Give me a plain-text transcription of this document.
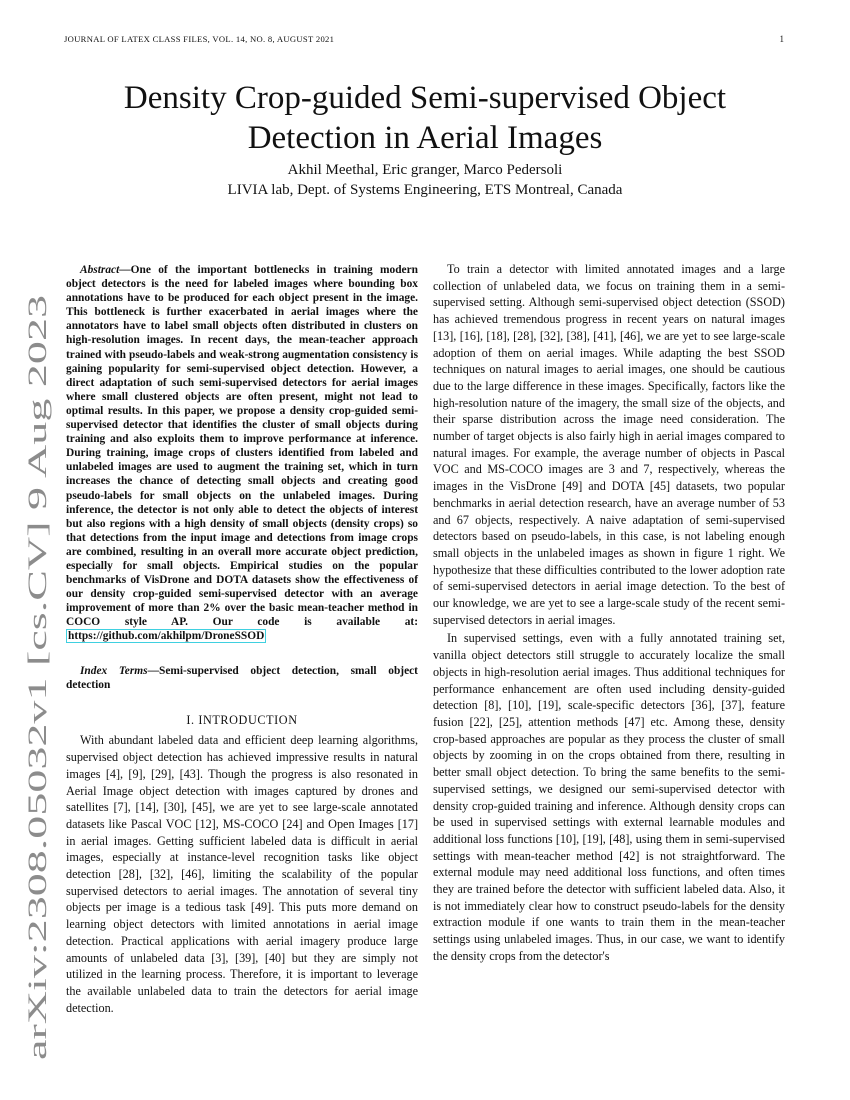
JOURNAL OF LATEX CLASS FILES, VOL. 14, NO. 8, AUGUST 2021	1
arXiv:2308.05032v1 [cs.CV] 9 Aug 2023
Density Crop-guided Semi-supervised Object Detection in Aerial Images
Akhil Meethal, Eric granger, Marco Pedersoli
LIVIA lab, Dept. of Systems Engineering, ETS Montreal, Canada
Abstract—One of the important bottlenecks in training modern object detectors is the need for labeled images where bounding box annotations have to be produced for each object present in the image. This bottleneck is further exacerbated in aerial images where the annotators have to label small objects often distributed in clusters on high-resolution images. In recent days, the mean-teacher approach trained with pseudo-labels and weak-strong augmentation consistency is gaining popularity for semi-supervised object detection. However, a direct adaptation of such semi-supervised detectors for aerial images where small clustered objects are often present, might not lead to optimal results. In this paper, we propose a density crop-guided semi-supervised detector that identifies the cluster of small objects during training and also exploits them to improve performance at inference. During training, image crops of clusters identified from labeled and unlabeled images are used to augment the training set, which in turn increases the chance of detecting small objects and creating good pseudo-labels for small objects on the unlabeled images. During inference, the detector is not only able to detect the objects of interest but also regions with a high density of small objects (density crops) so that detections from the input image and detections from image crops are combined, resulting in an overall more accurate object prediction, especially for small objects. Empirical studies on the popular benchmarks of VisDrone and DOTA datasets show the effectiveness of our density crop-guided semi-supervised detector with an average improvement of more than 2% over the basic mean-teacher method in COCO style AP. Our code is available at: https://github.com/akhilpm/DroneSSOD
Index Terms—Semi-supervised object detection, small object detection
I. INTRODUCTION

With abundant labeled data and efficient deep learning algorithms, supervised object detection has achieved impressive results in natural images [4], [9], [29], [43]. Though the progress is also resonated in Aerial Image object detection with images captured by drones and satellites [7], [14], [30], [45], we are yet to see large-scale annotated datasets like Pascal VOC [12], MS-COCO [24] and Open Images [17] in aerial images. Getting sufficient labeled data is difficult in aerial images, especially at instance-level recognition tasks like object detection [28], [32], [46], limiting the scalability of the popular supervised detectors to aerial images. The annotation of several tiny objects per image is a tedious task [49]. This puts more demand on learning object detectors with limited annotations in aerial image detection. Practical applications with aerial imagery produce large amounts of unlabeled data [3], [39], [40] but they are simply not utilized in the learning process. Therefore, it is important to leverage the available unlabeled data to train the detectors for aerial image detection.

To train a detector with limited annotated images and a large collection of unlabeled data, we focus on training them in a semi-supervised setting. Although semi-supervised object detection (SSOD) has achieved tremendous progress in recent years on natural images [13], [16], [18], [28], [32], [38], [41], [46], we are yet to see large-scale adoption of them on aerial images. While adapting the best SSOD techniques on natural images to aerial images, one should be cautious due to the large difference in these images. Specifically, factors like the high-resolution nature of the imagery, the small size of the objects, and their sparse distribution across the image need consideration. The number of target objects is also fairly high in aerial images compared to natural images. For example, the average number of objects in Pascal VOC and MS-COCO images are 3 and 7, respectively, whereas the images in the VisDrone [49] and DOTA [45] datasets, two popular benchmarks in aerial detection research, have an average number of 53 and 67 objects, respectively. A naive adaptation of semi-supervised detectors based on pseudo-labels, in this case, is not labeling enough small objects in the unlabeled images as shown in figure 1 right. We hypothesize that these difficulties contributed to the lower adoption rate of semi-supervised detectors in aerial image detection. To the best of our knowledge, we are yet to see a large-scale study of the recent semi-supervised detectors in aerial images.

In supervised settings, even with a fully annotated training set, vanilla object detectors still struggle to accurately localize the small objects in high-resolution aerial images. Thus additional techniques for performance enhancement are often used including density-guided detection [8], [10], [19], scale-specific detectors [36], [37], feature fusion [22], [25], attention methods [47] etc. Among these, density crop-based approaches are popular as they process the cluster of small objects by zooming in on the crops obtained from there, resulting in better small object detection. To bring the same benefits to the semi-supervised settings, we designed our semi-supervised detector with density crop-guided training and inference. Although density crops can be used in supervised settings with external learnable modules and additional loss functions [10], [19], [48], using them in semi-supervised settings with mean-teacher method [42] is not straightforward. The external module may need additional loss functions, and often times they are trained before the detector with sufficient labeled data. Also, it is not immediately clear how to construct pseudo-labels for the density extraction module if one wants to train them in the mean-teacher settings using unlabeled images. Thus, in our case, we want to identify the density crops from the detector's
